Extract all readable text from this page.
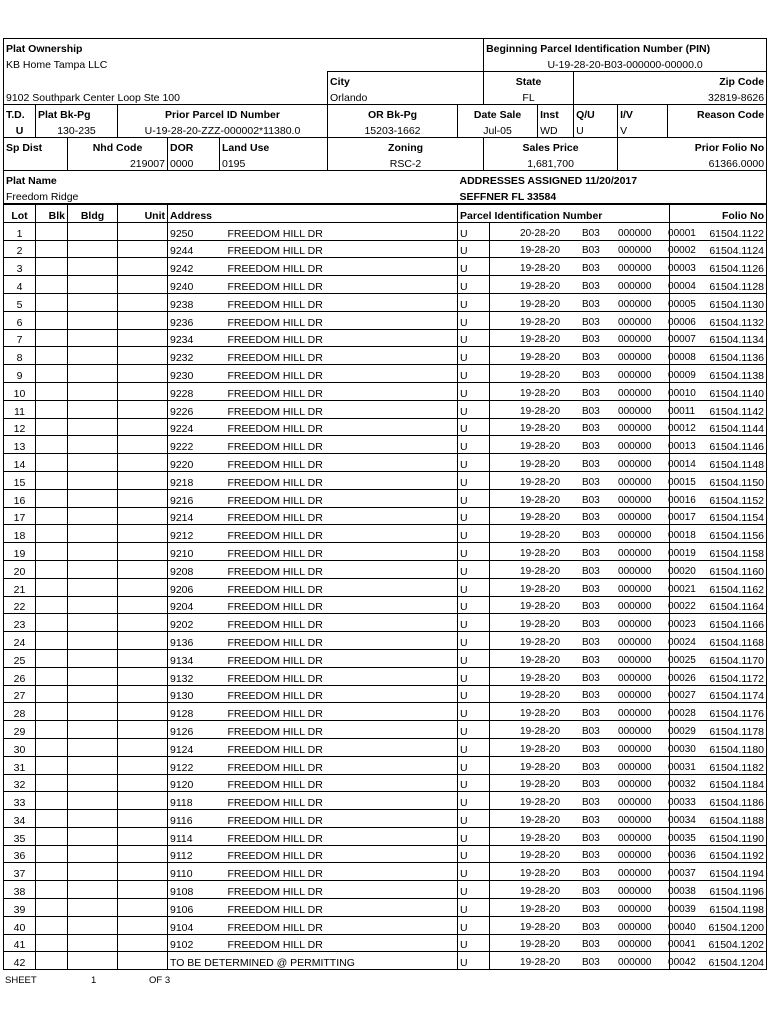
Plat Ownership								Beginning Parcel Identification Number (PIN)				
KB Home Tampa LLC								U-19-28-20-B03-000000-00000.0				
9102 Southpark Center Loop Ste 100						City		State		Zip Code		
						Orlando		FL		32819-8626		
T.D.	Plat Bk-Pg		Prior Parcel ID Number			OR Bk-Pg	Date Sale		Inst	Q/U	I/V	Reason Code
U	130-235		U-19-28-20-ZZZ-000002*11380.0			15203-1662	Jul-05		WD	U	V	
Sp Dist		Nhd Code		DOR	Land Use	Zoning		Sales Price			Prior Folio No	
		219007		0000	0195	RSC-2		1,681,700			61366.0000	
Plat Name							ADDRESSES ASSIGNED 11/20/2017					
Freedom Ridge							SEFFNER FL 33584					
Lot	Blk	Bldg	Unit	Address		Parcel Identification Number		Folio No
1				9250	FREEDOM HILL DR	U	20-28-20 B03 000000 00001	61504.1122
2				9244	FREEDOM HILL DR	U	19-28-20 B03 000000 00002	61504.1124
3				9242	FREEDOM HILL DR	U	19-28-20 B03 000000 00003	61504.1126
4				9240	FREEDOM HILL DR	U	19-28-20 B03 000000 00004	61504.1128
5				9238	FREEDOM HILL DR	U	19-28-20 B03 000000 00005	61504.1130
6				9236	FREEDOM HILL DR	U	19-28-20 B03 000000 00006	61504.1132
7				9234	FREEDOM HILL DR	U	19-28-20 B03 000000 00007	61504.1134
8				9232	FREEDOM HILL DR	U	19-28-20 B03 000000 00008	61504.1136
9				9230	FREEDOM HILL DR	U	19-28-20 B03 000000 00009	61504.1138
10				9228	FREEDOM HILL DR	U	19-28-20 B03 000000 00010	61504.1140
11				9226	FREEDOM HILL DR	U	19-28-20 B03 000000 00011	61504.1142
12				9224	FREEDOM HILL DR	U	19-28-20 B03 000000 00012	61504.1144
13				9222	FREEDOM HILL DR	U	19-28-20 B03 000000 00013	61504.1146
14				9220	FREEDOM HILL DR	U	19-28-20 B03 000000 00014	61504.1148
15				9218	FREEDOM HILL DR	U	19-28-20 B03 000000 00015	61504.1150
16				9216	FREEDOM HILL DR	U	19-28-20 B03 000000 00016	61504.1152
17				9214	FREEDOM HILL DR	U	19-28-20 B03 000000 00017	61504.1154
18				9212	FREEDOM HILL DR	U	19-28-20 B03 000000 00018	61504.1156
19				9210	FREEDOM HILL DR	U	19-28-20 B03 000000 00019	61504.1158
20				9208	FREEDOM HILL DR	U	19-28-20 B03 000000 00020	61504.1160
21				9206	FREEDOM HILL DR	U	19-28-20 B03 000000 00021	61504.1162
22				9204	FREEDOM HILL DR	U	19-28-20 B03 000000 00022	61504.1164
23				9202	FREEDOM HILL DR	U	19-28-20 B03 000000 00023	61504.1166
24				9136	FREEDOM HILL DR	U	19-28-20 B03 000000 00024	61504.1168
25				9134	FREEDOM HILL DR	U	19-28-20 B03 000000 00025	61504.1170
26				9132	FREEDOM HILL DR	U	19-28-20 B03 000000 00026	61504.1172
27				9130	FREEDOM HILL DR	U	19-28-20 B03 000000 00027	61504.1174
28				9128	FREEDOM HILL DR	U	19-28-20 B03 000000 00028	61504.1176
29				9126	FREEDOM HILL DR	U	19-28-20 B03 000000 00029	61504.1178
30				9124	FREEDOM HILL DR	U	19-28-20 B03 000000 00030	61504.1180
31				9122	FREEDOM HILL DR	U	19-28-20 B03 000000 00031	61504.1182
32				9120	FREEDOM HILL DR	U	19-28-20 B03 000000 00032	61504.1184
33				9118	FREEDOM HILL DR	U	19-28-20 B03 000000 00033	61504.1186
34				9116	FREEDOM HILL DR	U	19-28-20 B03 000000 00034	61504.1188
35				9114	FREEDOM HILL DR	U	19-28-20 B03 000000 00035	61504.1190
36				9112	FREEDOM HILL DR	U	19-28-20 B03 000000 00036	61504.1192
37				9110	FREEDOM HILL DR	U	19-28-20 B03 000000 00037	61504.1194
38				9108	FREEDOM HILL DR	U	19-28-20 B03 000000 00038	61504.1196
39				9106	FREEDOM HILL DR	U	19-28-20 B03 000000 00039	61504.1198
40				9104	FREEDOM HILL DR	U	19-28-20 B03 000000 00040	61504.1200
41				9102	FREEDOM HILL DR	U	19-28-20 B03 000000 00041	61504.1202
42				TO BE DETERMINED @ PERMITTING		U	19-28-20 B03 000000 00042	61504.1204
SHEET	1	OF 3
